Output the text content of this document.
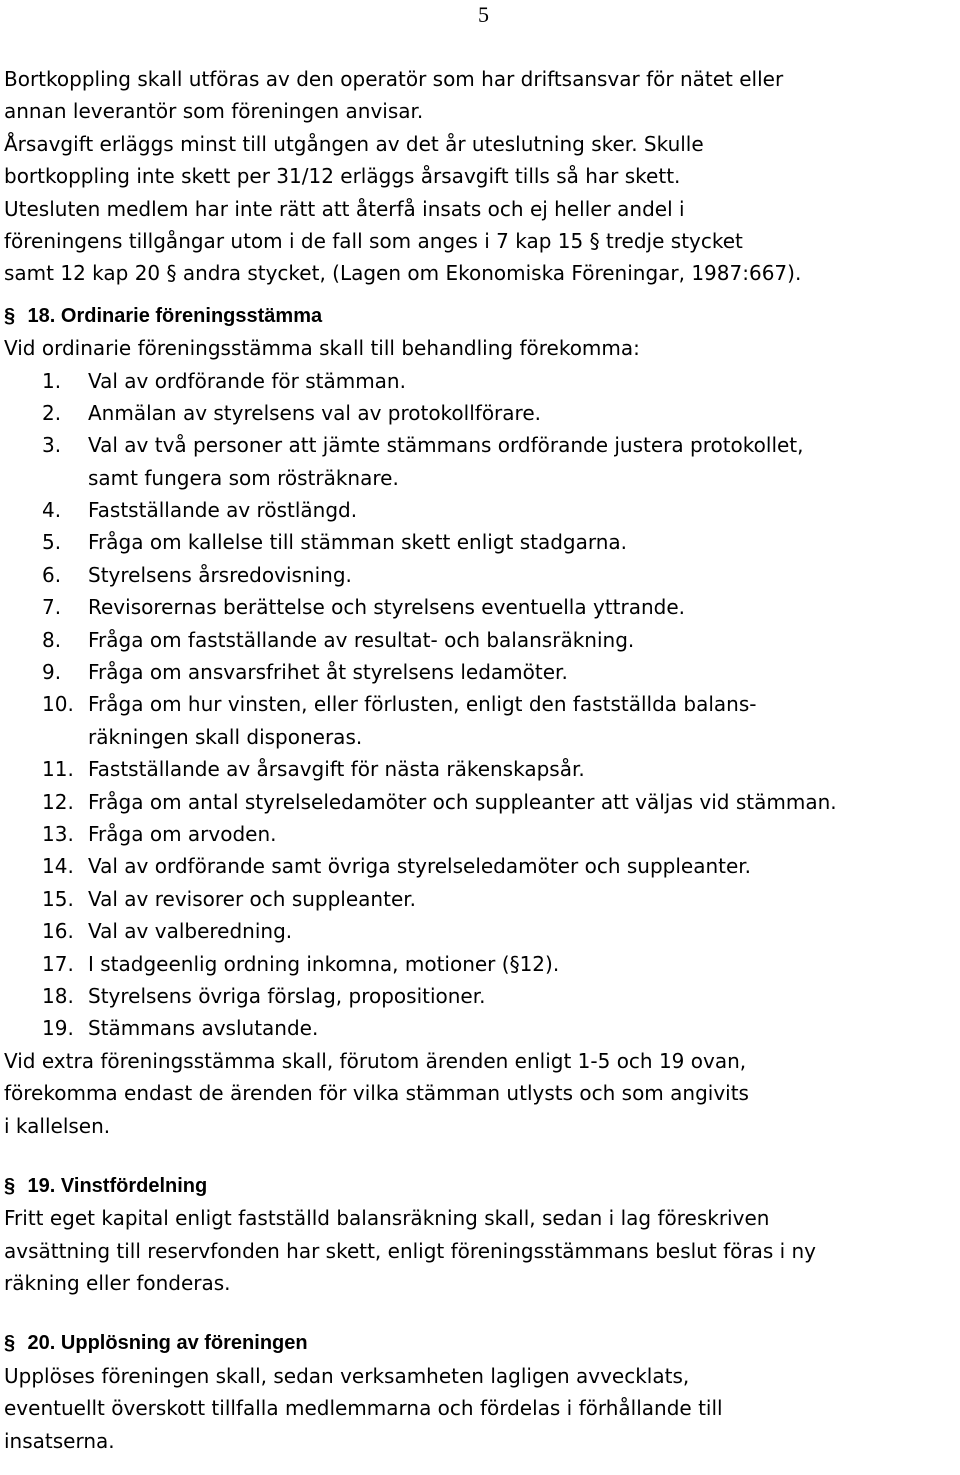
5
Bortkoppling skall utföras av den operatör som har driftsansvar för nätet eller
annan leverantör som föreningen anvisar.
Årsavgift erläggs minst till utgången av det år uteslutning sker. Skulle
bortkoppling inte skett per 31/12 erläggs årsavgift tills så har skett.
Utesluten medlem har inte rätt att återfå insats och ej heller andel i
föreningens tillgångar utom i de fall som anges i 7 kap 15 § tredje stycket
samt 12 kap 20 § andra stycket, (Lagen om Ekonomiska Föreningar, 1987:667).
§ 18. Ordinarie föreningsstämma
Vid ordinarie föreningsstämma skall till behandling förekomma:
1.	Val av ordförande för stämman.
2.	Anmälan av styrelsens val av protokollförare.
3.	Val av två personer att jämte stämmans ordförande justera protokollet,
samt fungera som rösträknare.
4.	Fastställande av röstlängd.
5.	Fråga om kallelse till stämman skett enligt stadgarna.
6.	Styrelsens årsredovisning.
7.	Revisorernas berättelse och styrelsens eventuella yttrande.
8.	Fråga om fastställande av resultat- och balansräkning.
9.	Fråga om ansvarsfrihet åt styrelsens ledamöter.
10. Fråga om hur vinsten, eller förlusten, enligt den fastställda balans-
räkningen skall disponeras.
11. Fastställande av årsavgift för nästa räkenskapsår.
12. Fråga om antal styrelseledamöter och suppleanter att väljas vid stämman.
13. Fråga om arvoden.
14. Val av ordförande samt övriga styrelseledamöter och suppleanter.
15. Val av revisorer och suppleanter.
16. Val av valberedning.
17. I stadgeenlig ordning inkomna, motioner (§12).
18. Styrelsens övriga förslag, propositioner.
19. Stämmans avslutande.
Vid extra föreningsstämma skall, förutom ärenden enligt 1-5 och 19 ovan,
förekomma endast de ärenden för vilka stämman utlysts och som angivits
i kallelsen.
§ 19. Vinstfördelning
Fritt eget kapital enligt fastställd balansräkning skall, sedan i lag föreskriven
avsättning till reservfonden har skett, enligt föreningsstämmans beslut föras i ny
räkning eller fonderas.
§ 20. Upplösning av föreningen
Upplöses föreningen skall, sedan verksamheten lagligen avvecklats,
eventuellt överskott tillfalla medlemmarna och fördelas i förhållande till
insatserna.
